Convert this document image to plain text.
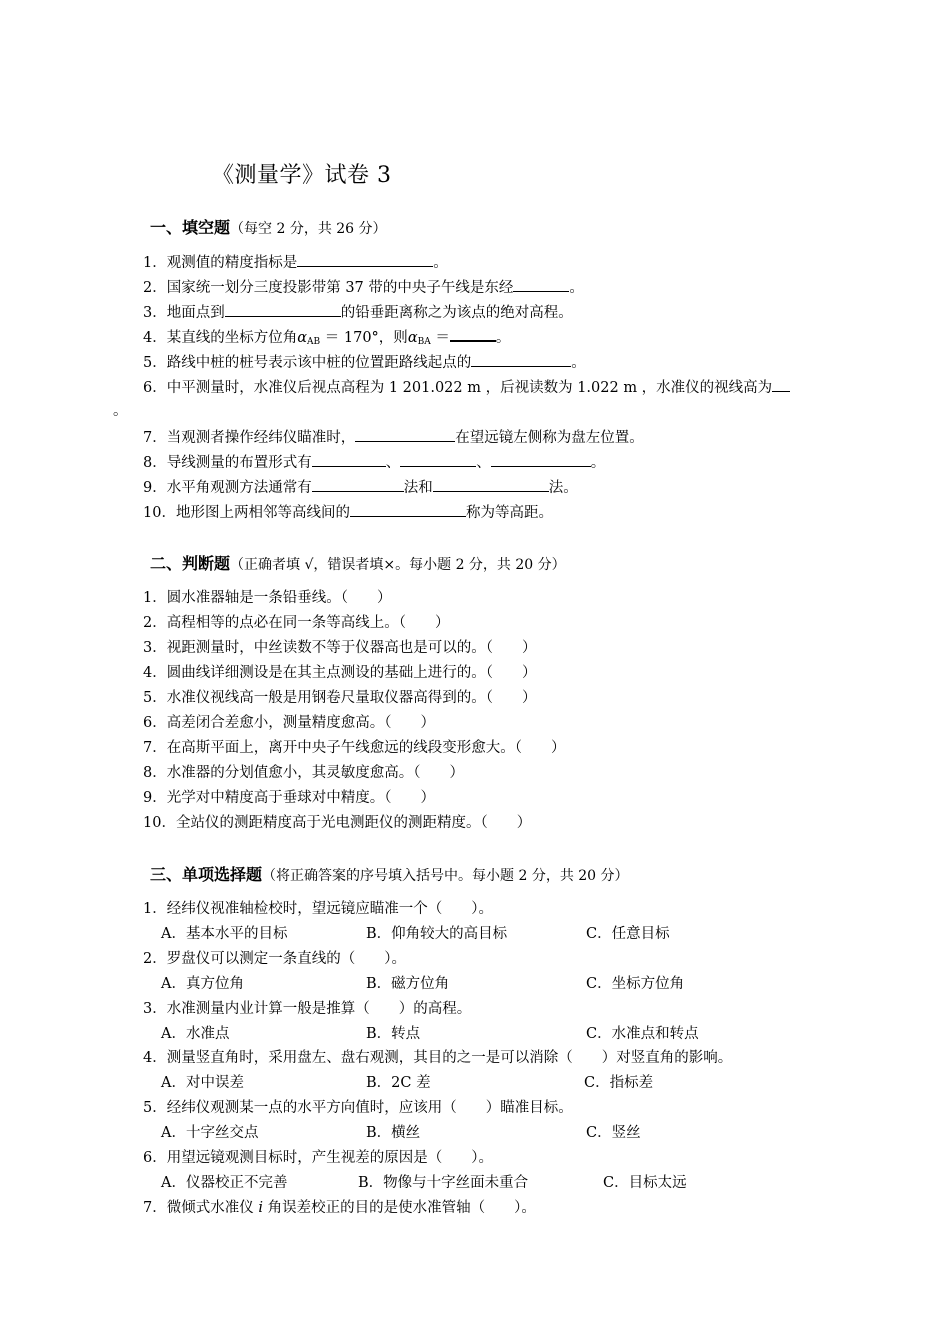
《测量学》试卷 3
一、填空题（每空 2 分，共 26 分）
1．观测值的精度指标是	。
2．国家统一划分三度投影带第 37 带的中央子午线是东经	。
3．地面点到	的铅垂距离称之为该点的绝对高程。
4．某直线的坐标方位角$\alpha_{AB} = 170^\circ$，则$\alpha_{BA}$ ＝	。
5．路线中桩的桩号表示该中桩的位置距路线起点的	。
6．中平测量时，水准仪后视点高程为 1 201.022 m ，后视读数为 1.022 m ，水准仪的视线高为
。
7．当观测者操作经纬仪瞄准时，	在望远镜左侧称为盘左位置。
8．导线测量的布置形式有	、	、	。
9．水平角观测方法通常有	法和	法。
10．地形图上两相邻等高线间的	称为等高距。
二、判断题（正确者填 √，错误者填×。每小题 2 分，共 20 分）
1．圆水准器轴是一条铅垂线。（　　）
2．高程相等的点必在同一条等高线上。（　　）
3．视距测量时，中丝读数不等于仪器高也是可以的。（　　）
4．圆曲线详细测设是在其主点测设的基础上进行的。（　　）
5．水准仪视线高一般是用钢卷尺量取仪器高得到的。（　　）
6．高差闭合差愈小，测量精度愈高。（　　）
7．在高斯平面上，离开中央子午线愈远的线段变形愈大。（　　）
8．水准器的分划值愈小，其灵敏度愈高。（　　）
9．光学对中精度高于垂球对中精度。（　　）
10．全站仪的测距精度高于光电测距仪的测距精度。（　　）
三、单项选择题（将正确答案的序号填入括号中。每小题 2 分，共 20 分）
1．经纬仪视准轴检校时，望远镜应瞄准一个（　　）。
A．基本水平的目标	B．仰角较大的高目标	C．任意目标
2．罗盘仪可以测定一条直线的（　　）。
A．真方位角	B．磁方位角	C．坐标方位角
3．水准测量内业计算一般是推算（　　）的高程。
A．水准点	B．转点	C．水准点和转点
4．测量竖直角时，采用盘左、盘右观测，其目的之一是可以消除（　　）对竖直角的影响。
A．对中误差	B．2C 差	C．指标差
5．经纬仪观测某一点的水平方向值时，应该用（　　）瞄准目标。
A．十字丝交点	B．横丝	C．竖丝
6．用望远镜观测目标时，产生视差的原因是（　　）。
A．仪器校正不完善	B．物像与十字丝面未重合	C．目标太远
7．微倾式水准仪 i 角误差校正的目的是使水准管轴（　　）。
